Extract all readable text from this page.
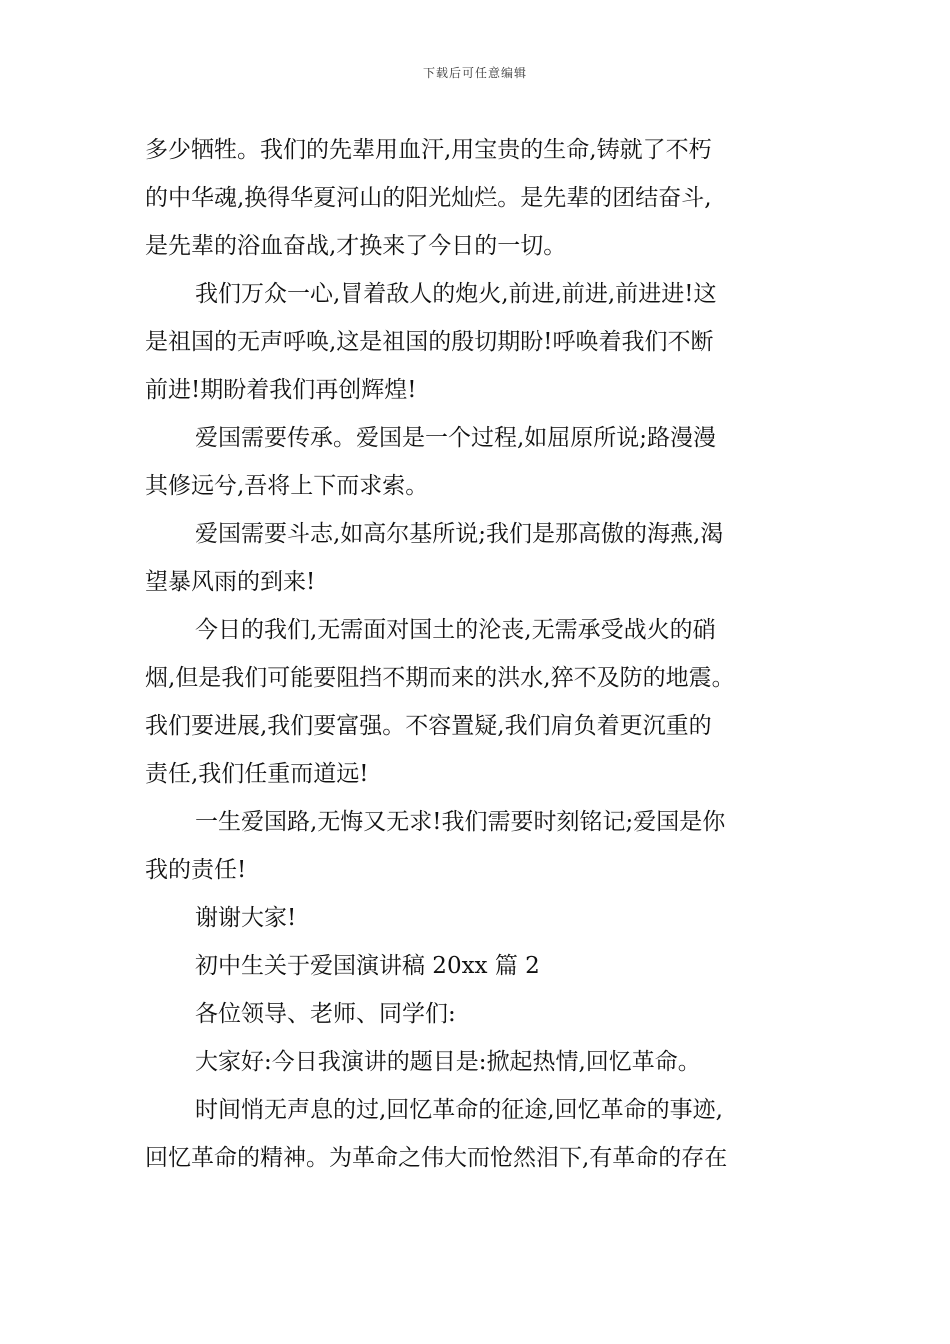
下载后可任意编辑
多少牺牲。我们的先辈用血汗,用宝贵的生命,铸就了不朽
的中华魂,换得华夏河山的阳光灿烂。是先辈的团结奋斗,
是先辈的浴血奋战,才换来了今日的一切。
我们万众一心,冒着敌人的炮火,前进,前进,前进进!这
是祖国的无声呼唤,这是祖国的殷切期盼!呼唤着我们不断
前进!期盼着我们再创辉煌!
爱国需要传承。爱国是一个过程,如屈原所说;路漫漫
其修远兮,吾将上下而求索。
爱国需要斗志,如高尔基所说;我们是那高傲的海燕,渴
望暴风雨的到来!
今日的我们,无需面对国土的沦丧,无需承受战火的硝
烟,但是我们可能要阻挡不期而来的洪水,猝不及防的地震。
我们要进展,我们要富强。不容置疑,我们肩负着更沉重的
责任,我们任重而道远!
一生爱国路,无悔又无求!我们需要时刻铭记;爱国是你
我的责任!
谢谢大家!
初中生关于爱国演讲稿 20xx 篇 2
各位领导、老师、同学们:
大家好:今日我演讲的题目是:掀起热情,回忆革命。
时间悄无声息的过,回忆革命的征途,回忆革命的事迹,
回忆革命的精神。为革命之伟大而怆然泪下,有革命的存在
